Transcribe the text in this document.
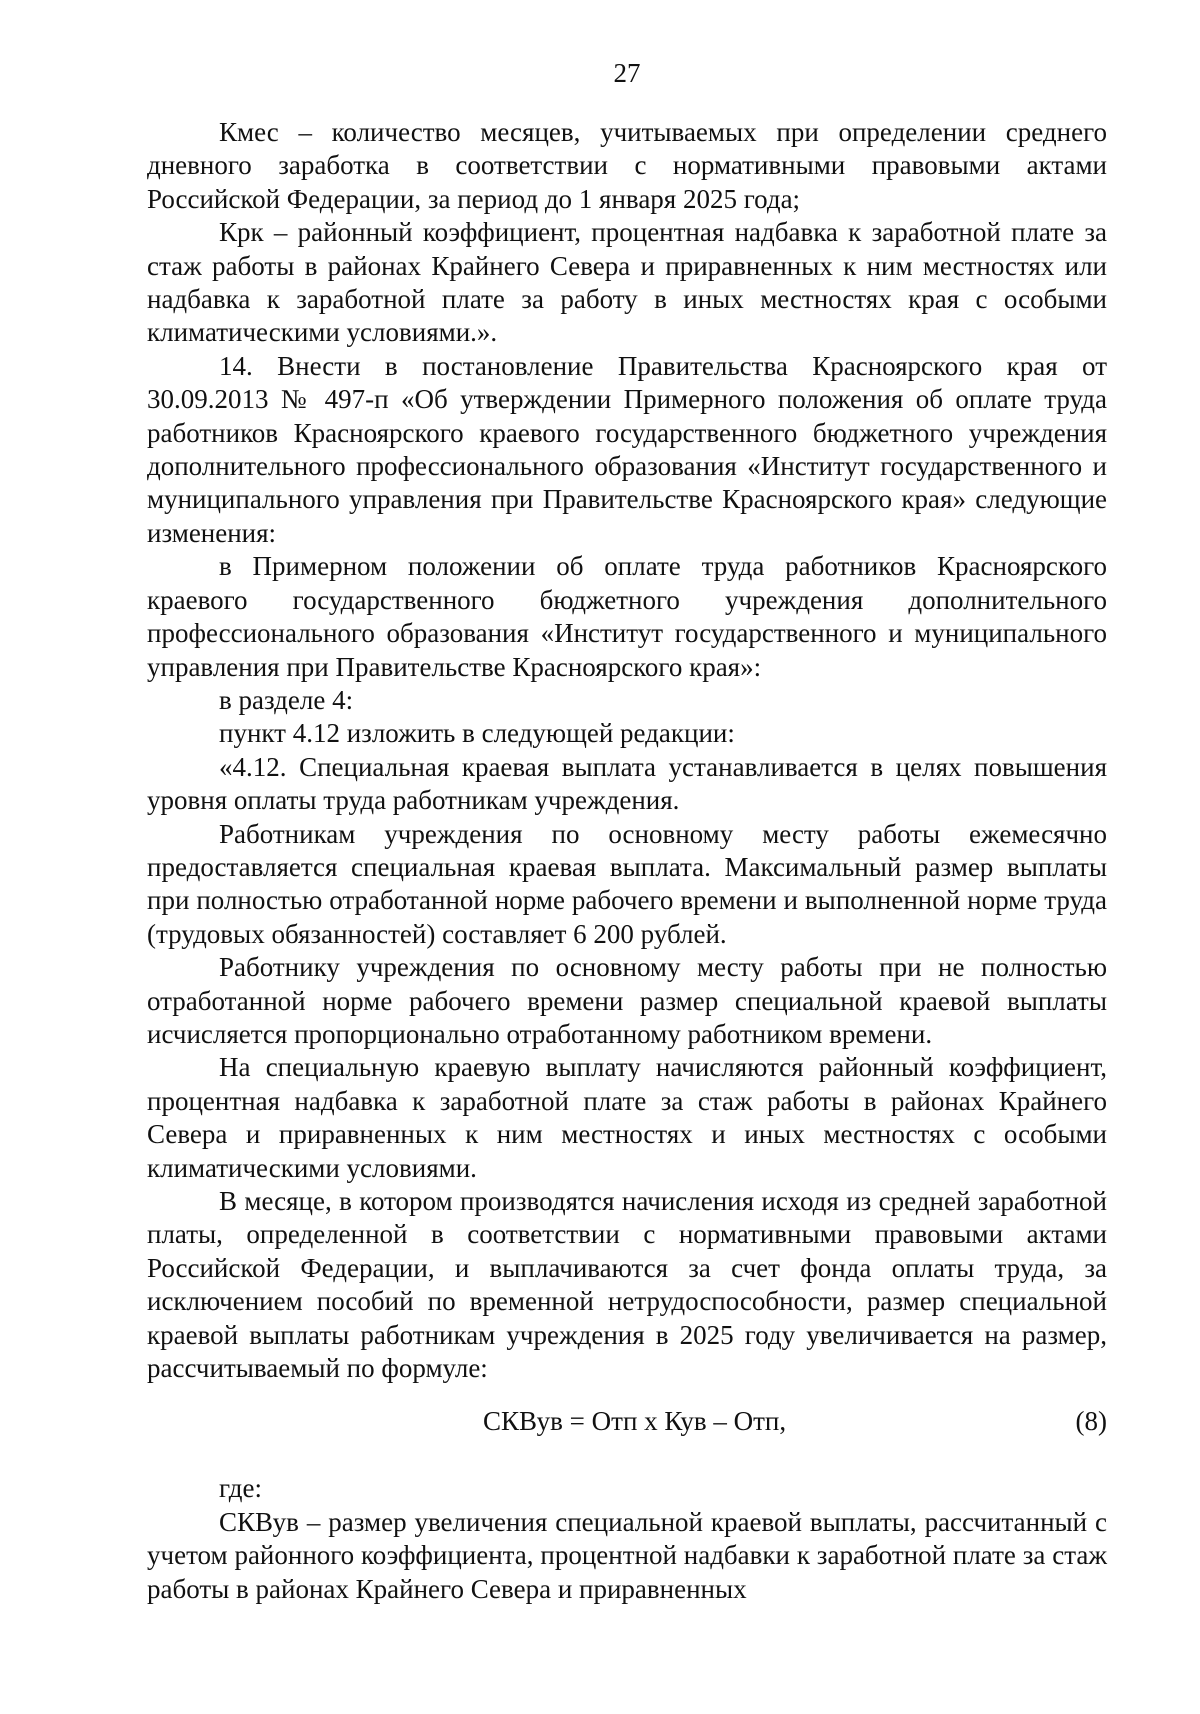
27

Кмес – количество месяцев, учитываемых при определении среднего дневного заработка в соответствии с нормативными правовыми актами Российской Федерации, за период до 1 января 2025 года;

Крк – районный коэффициент, процентная надбавка к заработной плате за стаж работы в районах Крайнего Севера и приравненных к ним местностях или надбавка к заработной плате за работу в иных местностях края с особыми климатическими условиями.».

14. Внести в постановление Правительства Красноярского края от 30.09.2013 № 497-п «Об утверждении Примерного положения об оплате труда работников Красноярского краевого государственного бюджетного учреждения дополнительного профессионального образования «Институт государственного и муниципального управления при Правительстве Красноярского края» следующие изменения:

в Примерном положении об оплате труда работников Красноярского краевого государственного бюджетного учреждения дополнительного профессионального образования «Институт государственного и муниципального управления при Правительстве Красноярского края»:

в разделе 4:

пункт 4.12 изложить в следующей редакции:

«4.12. Специальная краевая выплата устанавливается в целях повышения уровня оплаты труда работникам учреждения.

Работникам учреждения по основному месту работы ежемесячно предоставляется специальная краевая выплата. Максимальный размер выплаты при полностью отработанной норме рабочего времени и выполненной норме труда (трудовых обязанностей) составляет 6 200 рублей.

Работнику учреждения по основному месту работы при не полностью отработанной норме рабочего времени размер специальной краевой выплаты исчисляется пропорционально отработанному работником времени.

На специальную краевую выплату начисляются районный коэффициент, процентная надбавка к заработной плате за стаж работы в районах Крайнего Севера и приравненных к ним местностях и иных местностях с особыми климатическими условиями.

В месяце, в котором производятся начисления исходя из средней заработной платы, определенной в соответствии с нормативными правовыми актами Российской Федерации, и выплачиваются за счет фонда оплаты труда, за исключением пособий по временной нетрудоспособности, размер специальной краевой выплаты работникам учреждения в 2025 году увеличивается на размер, рассчитываемый по формуле:

СКВув = Отп х Кув – Отп,	(8)

где:

СКВув – размер увеличения специальной краевой выплаты, рассчитанный с учетом районного коэффициента, процентной надбавки к заработной плате за стаж работы в районах Крайнего Севера и приравненных
